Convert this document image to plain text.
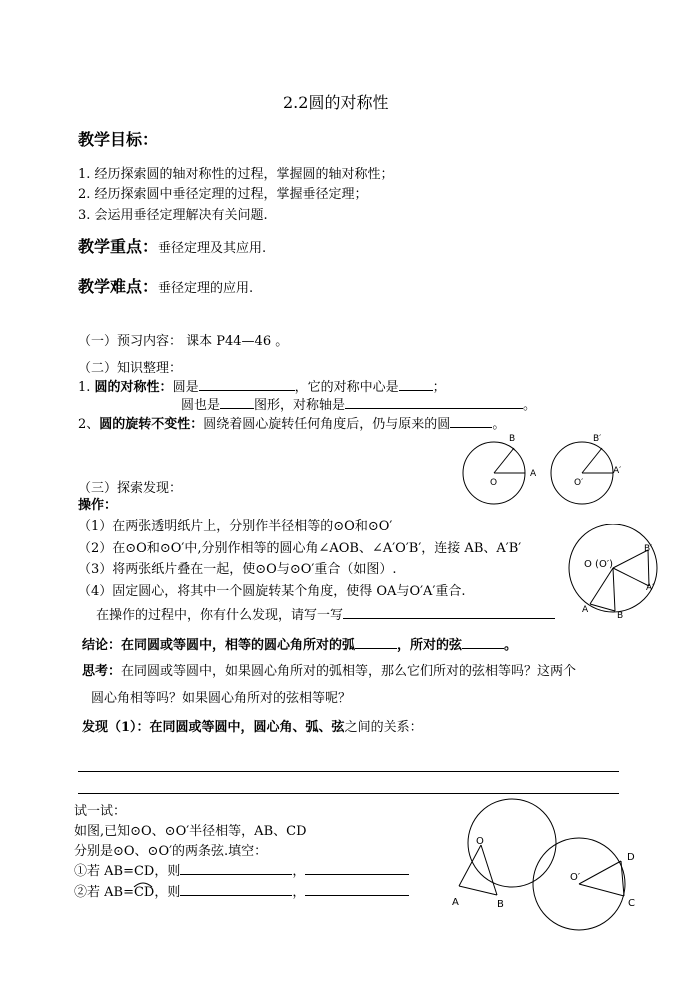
2.2圆的对称性
教学目标：
1. 经历探索圆的轴对称性的过程，掌握圆的轴对称性；
2. 经历探索圆中垂径定理的过程，掌握垂径定理；
3. 会运用垂径定理解决有关问题.
教学重点：垂径定理及其应用.
教学难点：垂径定理的应用.
（一）预习内容： 课本 P44—46 。
（二）知识整理：
1. 圆的对称性：圆是	，它的对称中心是	；
圆也是	图形，对称轴是	。
2、圆的旋转不变性：圆绕着圆心旋转任何角度后，仍与原来的圆	。
O
A
B
O′
A′
B′
（三）探索发现：
操作：
（1）在两张透明纸片上，分别作半径相等的⊙O和⊙O′
（2）在⊙O和⊙O′中,分别作相等的圆心角∠AOB、∠A′O′B′，连接 AB、A′B′
（3）将两张纸片叠在一起，使⊙O与⊙O′重合（如图）.
（4）固定圆心，将其中一个圆旋转某个角度，使得 OA与O′A′重合.
在操作的过程中，你有什么发现，请写一写
O (O′)
B′
A′
A
B
结论：在同圆或等圆中，相等的圆心角所对的弧	，所对的弦	。
思考：在同圆或等圆中，如果圆心角所对的弧相等，那么它们所对的弦相等吗？这两个
圆心角相等吗？如果圆心角所对的弦相等呢？
发现（1）：在同圆或等圆中，圆心角、弧、弦之间的关系：
试一试：
如图,已知⊙O、⊙O′半径相等，AB、CD
分别是⊙O、⊙O′的两条弦.填空：
①若 AB=CD，则	，
②若 AB=CD
，则	，
O
A	B
O′
D
C
